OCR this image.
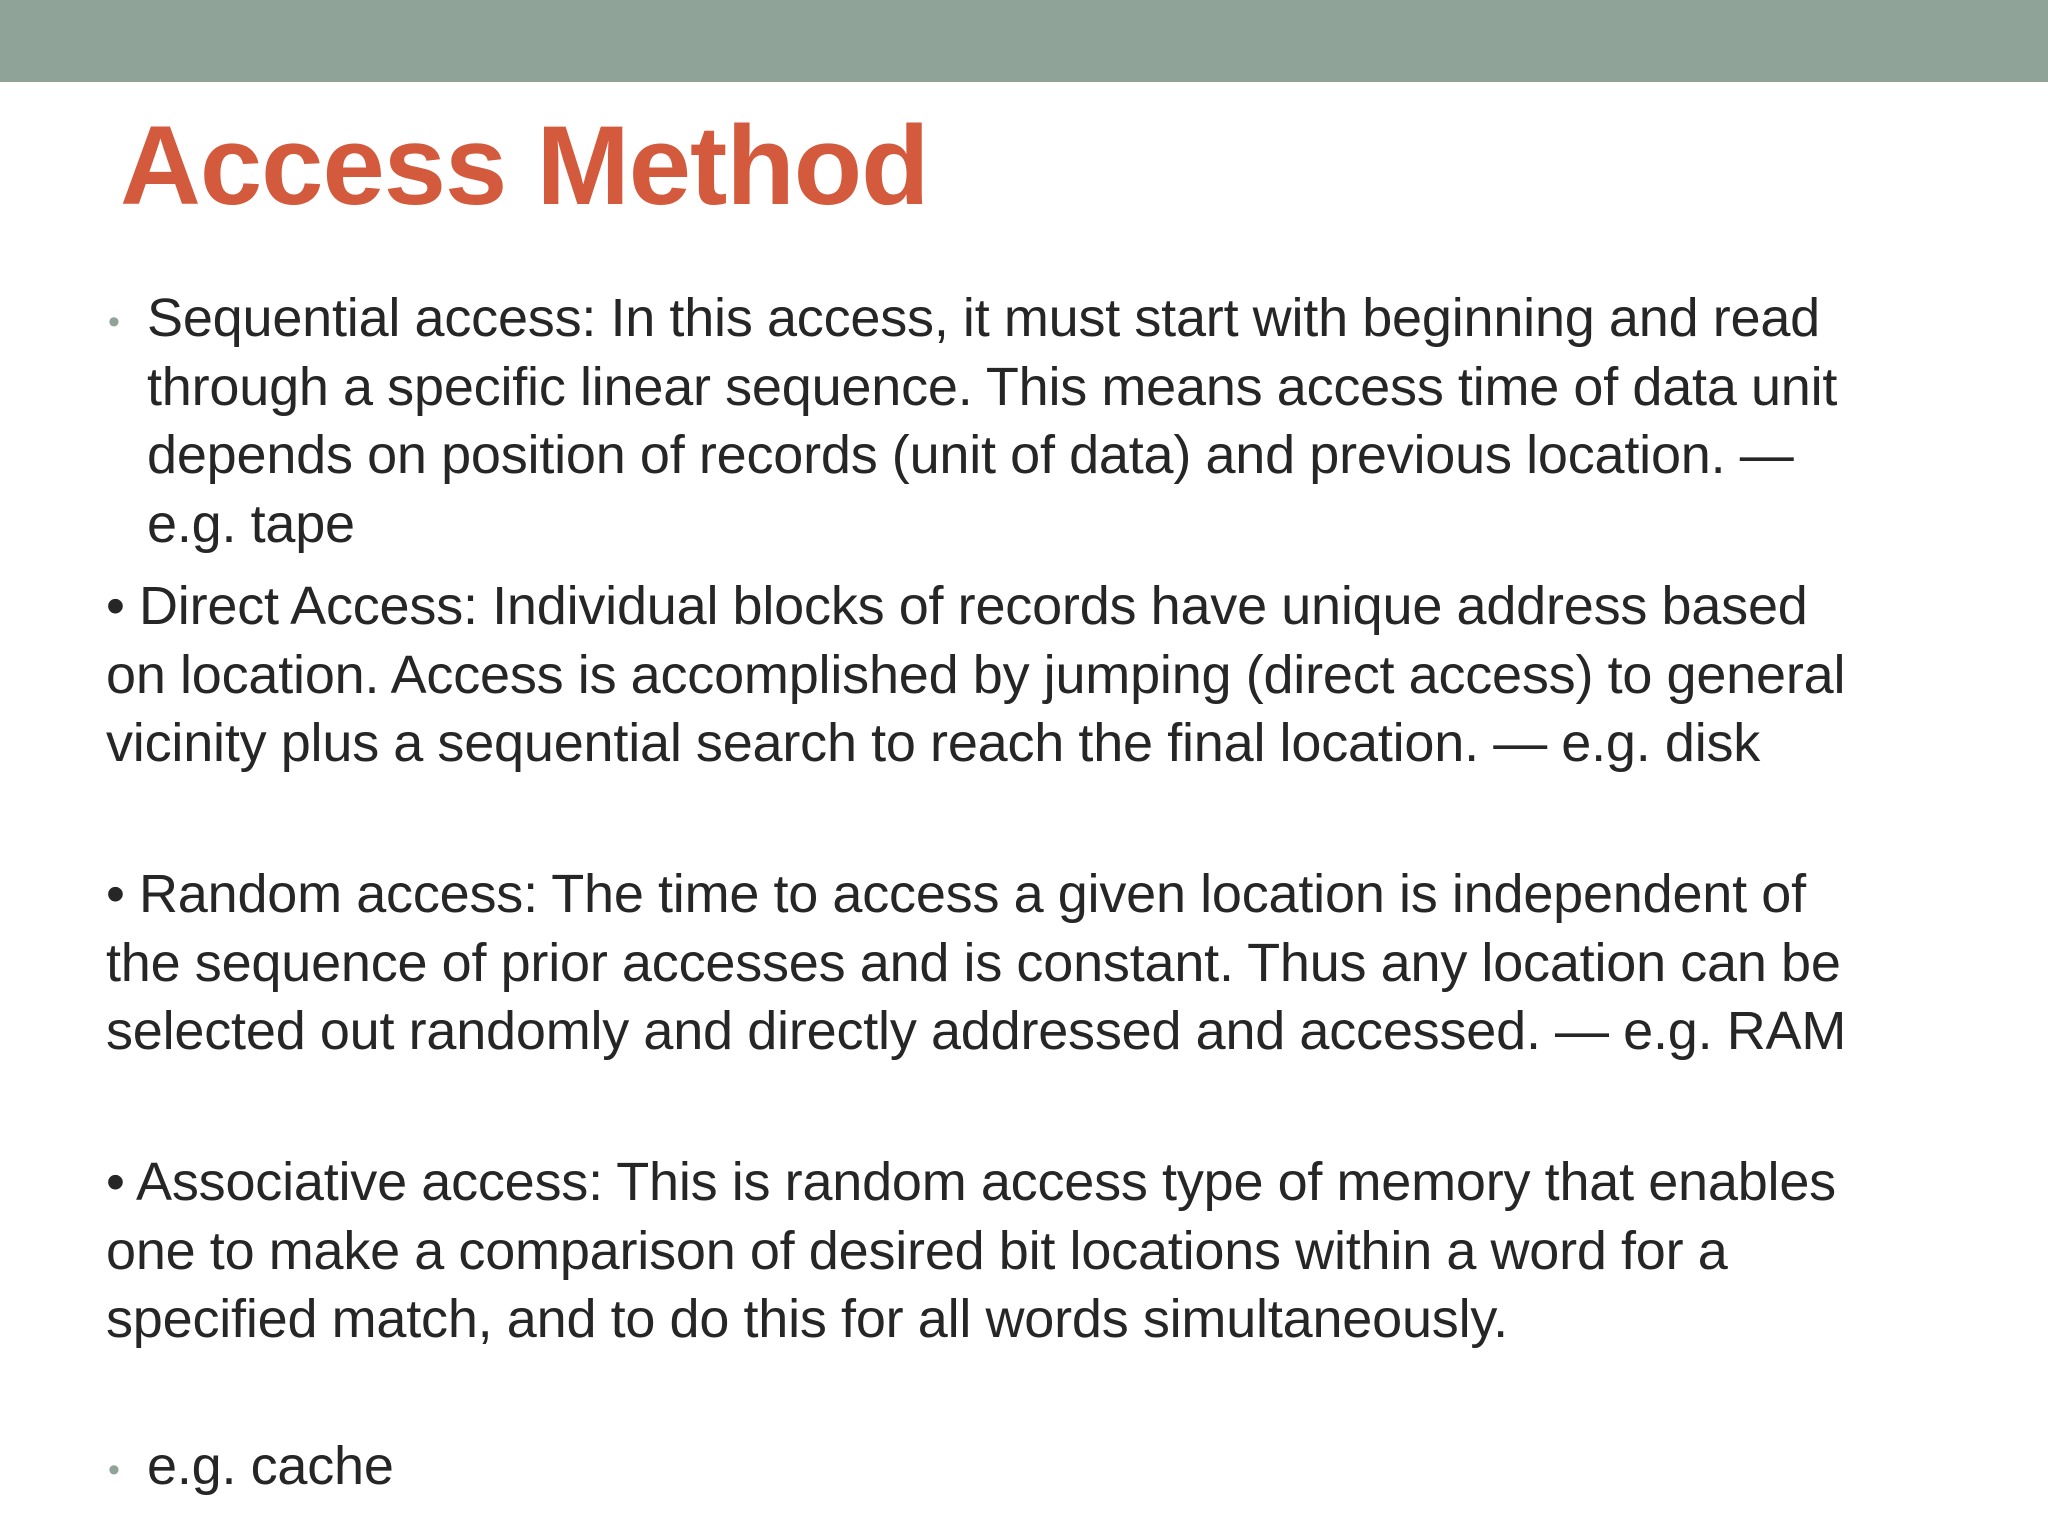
Access Method

• Sequential access: In this access, it must start with beginning and read through a specific linear sequence. This means access time of data unit depends on position of records (unit of data) and previous location. — e.g. tape

• Direct Access: Individual blocks of records have unique address based on location. Access is accomplished by jumping (direct access) to general vicinity plus a sequential search to reach the final location. — e.g. disk

• Random access: The time to access a given location is independent of the sequence of prior accesses and is constant. Thus any location can be selected out randomly and directly addressed and accessed. — e.g. RAM

• Associative access: This is random access type of memory that enables one to make a comparison of desired bit locations within a word for a specified match, and to do this for all words simultaneously.

• e.g. cache
